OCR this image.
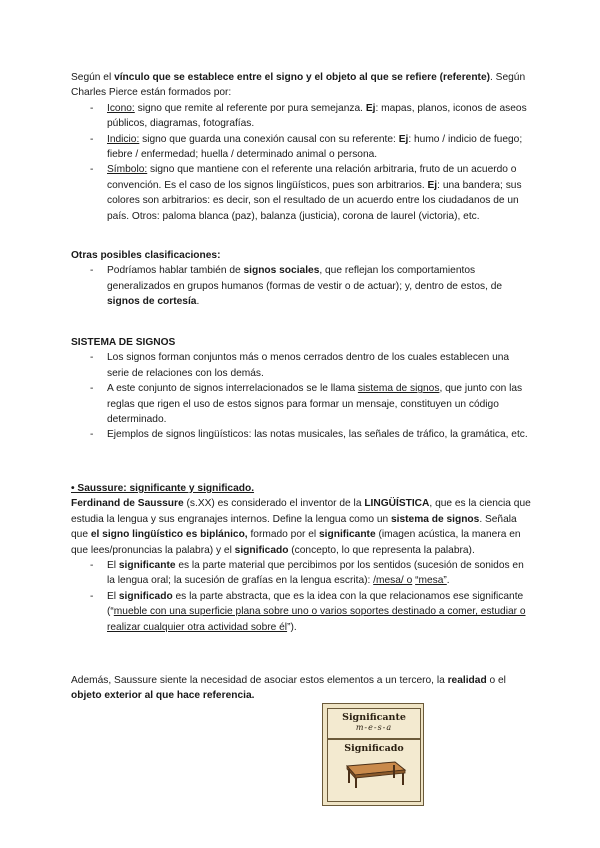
Según el vínculo que se establece entre el signo y el objeto al que se refiere (referente). Según Charles Pierce están formados por:

- Icono: signo que remite al referente por pura semejanza. Ej: mapas, planos, iconos de aseos públicos, diagramas, fotografías.
- Indicio: signo que guarda una conexión causal con su referente: Ej: humo / indicio de fuego; fiebre / enfermedad; huella / determinado animal o persona.
- Símbolo: signo que mantiene con el referente una relación arbitraria, fruto de un acuerdo o convención. Es el caso de los signos lingüísticos, pues son arbitrarios. Ej: una bandera; sus colores son arbitrarios: es decir, son el resultado de un acuerdo entre los ciudadanos de un país. Otros: paloma blanca (paz), balanza (justicia), corona de laurel (victoria), etc.

Otras posibles clasificaciones:

- Podríamos hablar también de signos sociales, que reflejan los comportamientos generalizados en grupos humanos (formas de vestir o de actuar); y, dentro de estos, de signos de cortesía.

SISTEMA DE SIGNOS

- Los signos forman conjuntos más o menos cerrados dentro de los cuales establecen una serie de relaciones con los demás.
- A este conjunto de signos interrelacionados se le llama sistema de signos, que junto con las reglas que rigen el uso de estos signos para formar un mensaje, constituyen un código determinado.
- Ejemplos de signos lingüísticos: las notas musicales, las señales de tráfico, la gramática, etc.

• Saussure: significante y significado.

Ferdinand de Saussure (s.XX) es considerado el inventor de la LINGÜÍSTICA, que es la ciencia que estudia la lengua y sus engranajes internos. Define la lengua como un sistema de signos. Señala que el signo lingüístico es biplánico, formado por el significante (imagen acústica, la manera en que lees/pronuncias la palabra) y el significado (concepto, lo que representa la palabra).

- El significante es la parte material que percibimos por los sentidos (sucesión de sonidos en la lengua oral; la sucesión de grafías en la lengua escrita): /mesa/ o “mesa”.
- El significado es la parte abstracta, que es la idea con la que relacionamos ese significante (“mueble con una superficie plana sobre uno o varios soportes destinado a comer, estudiar o realizar cualquier otra actividad sobre él”).

Además, Saussure siente la necesidad de asociar estos elementos a un tercero, la realidad o el objeto exterior al que hace referencia.

Significante
m-e-s-a
Significado
